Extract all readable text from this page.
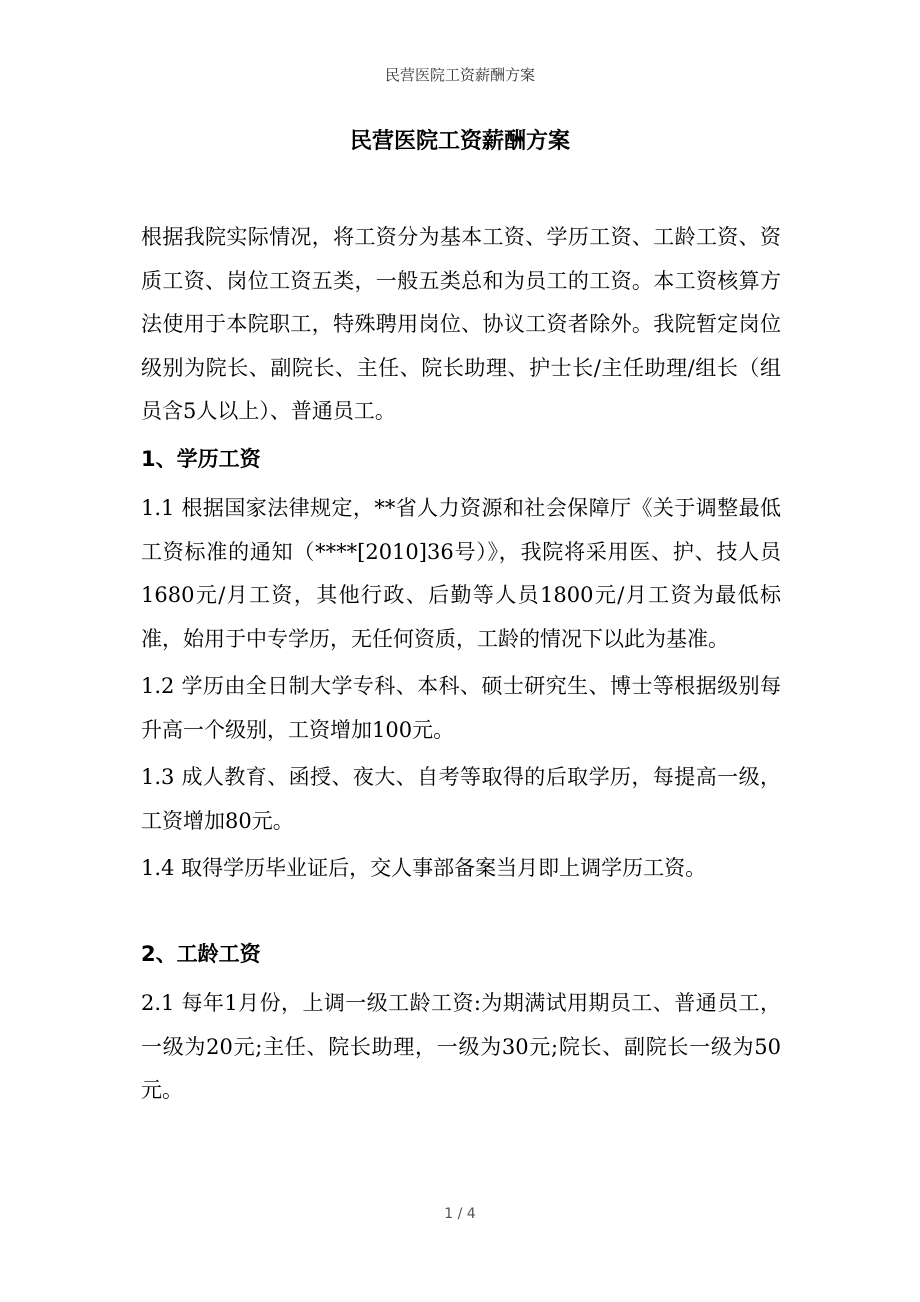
民营医院工资薪酬方案
民营医院工资薪酬方案

根据我院实际情况，将工资分为基本工资、学历工资、工龄工资、资质工资、岗位工资五类，一般五类总和为员工的工资。本工资核算方法使用于本院职工，特殊聘用岗位、协议工资者除外。我院暂定岗位级别为院长、副院长、主任、院长助理、护士长/主任助理/组长（组员含5人以上）、普通员工。

1、学历工资

1.1 根据国家法律规定，**省人力资源和社会保障厅《关于调整最低工资标准的通知（****[2010]36号）》，我院将采用医、护、技人员1680元/月工资，其他行政、后勤等人员1800元/月工资为最低标准，始用于中专学历，无任何资质，工龄的情况下以此为基准。

1.2 学历由全日制大学专科、本科、硕士研究生、博士等根据级别每升高一个级别，工资增加100元。

1.3 成人教育、函授、夜大、自考等取得的后取学历，每提高一级，工资增加80元。

1.4 取得学历毕业证后，交人事部备案当月即上调学历工资。

2、工龄工资

2.1 每年1月份，上调一级工龄工资:为期满试用期员工、普通员工，一级为20元;主任、院长助理，一级为30元;院长、副院长一级为50元。

1 / 4
